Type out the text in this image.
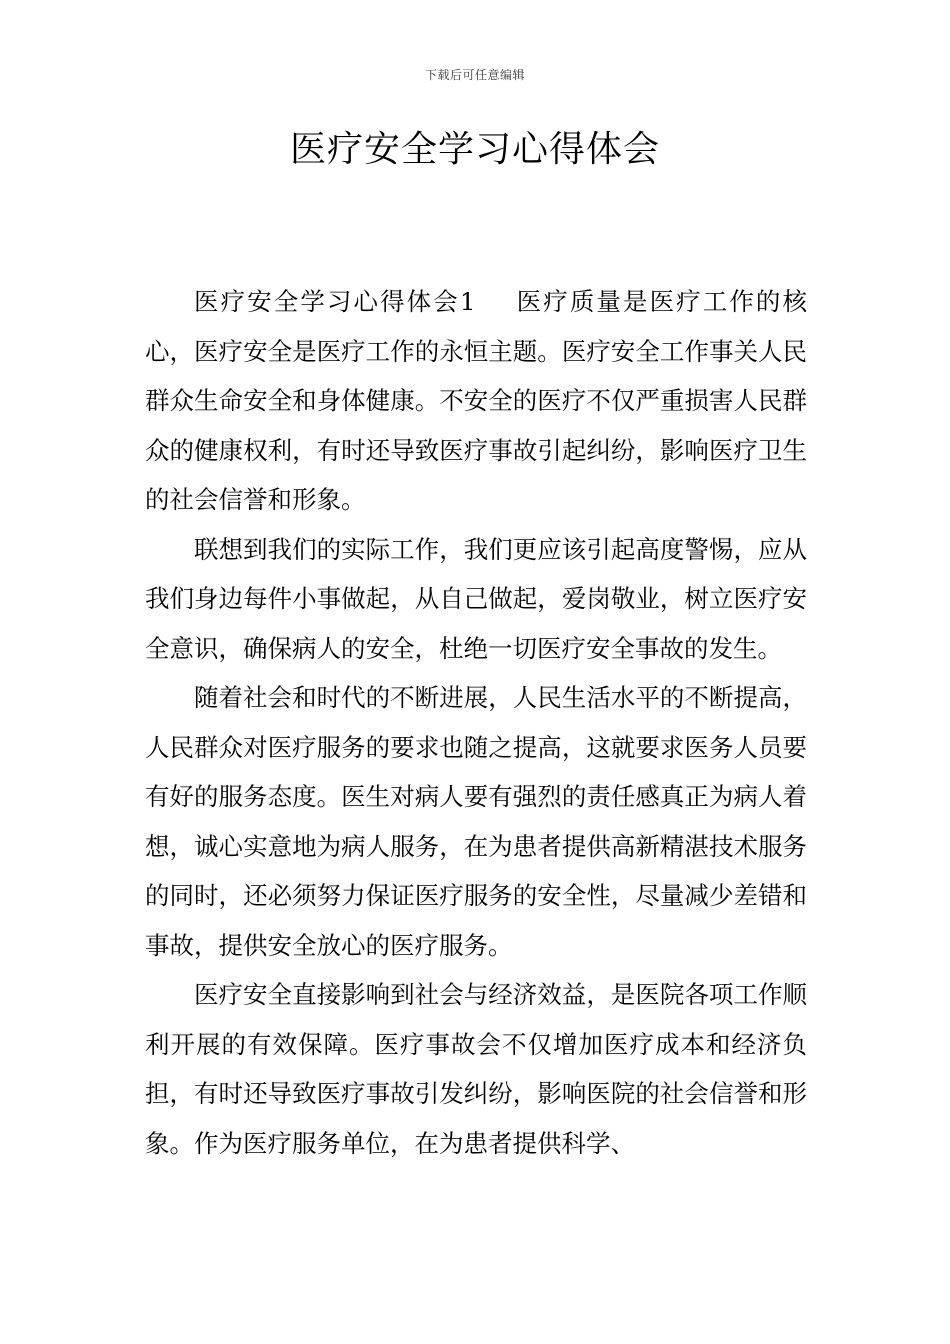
下载后可任意编辑
医疗安全学习心得体会

医疗安全学习心得体会1 医疗质量是医疗工作的核心，医疗安全是医疗工作的永恒主题。医疗安全工作事关人民群众生命安全和身体健康。不安全的医疗不仅严重损害人民群众的健康权利，有时还导致医疗事故引起纠纷，影响医疗卫生的社会信誉和形象。

联想到我们的实际工作，我们更应该引起高度警惕，应从我们身边每件小事做起，从自己做起，爱岗敬业，树立医疗安全意识，确保病人的安全，杜绝一切医疗安全事故的发生。

随着社会和时代的不断进展，人民生活水平的不断提高，人民群众对医疗服务的要求也随之提高，这就要求医务人员要有好的服务态度。医生对病人要有强烈的责任感真正为病人着想，诚心实意地为病人服务，在为患者提供高新精湛技术服务的同时，还必须努力保证医疗服务的安全性，尽量减少差错和事故，提供安全放心的医疗服务。

医疗安全直接影响到社会与经济效益，是医院各项工作顺利开展的有效保障。医疗事故会不仅增加医疗成本和经济负担，有时还导致医疗事故引发纠纷，影响医院的社会信誉和形象。作为医疗服务单位，在为患者提供科学、
